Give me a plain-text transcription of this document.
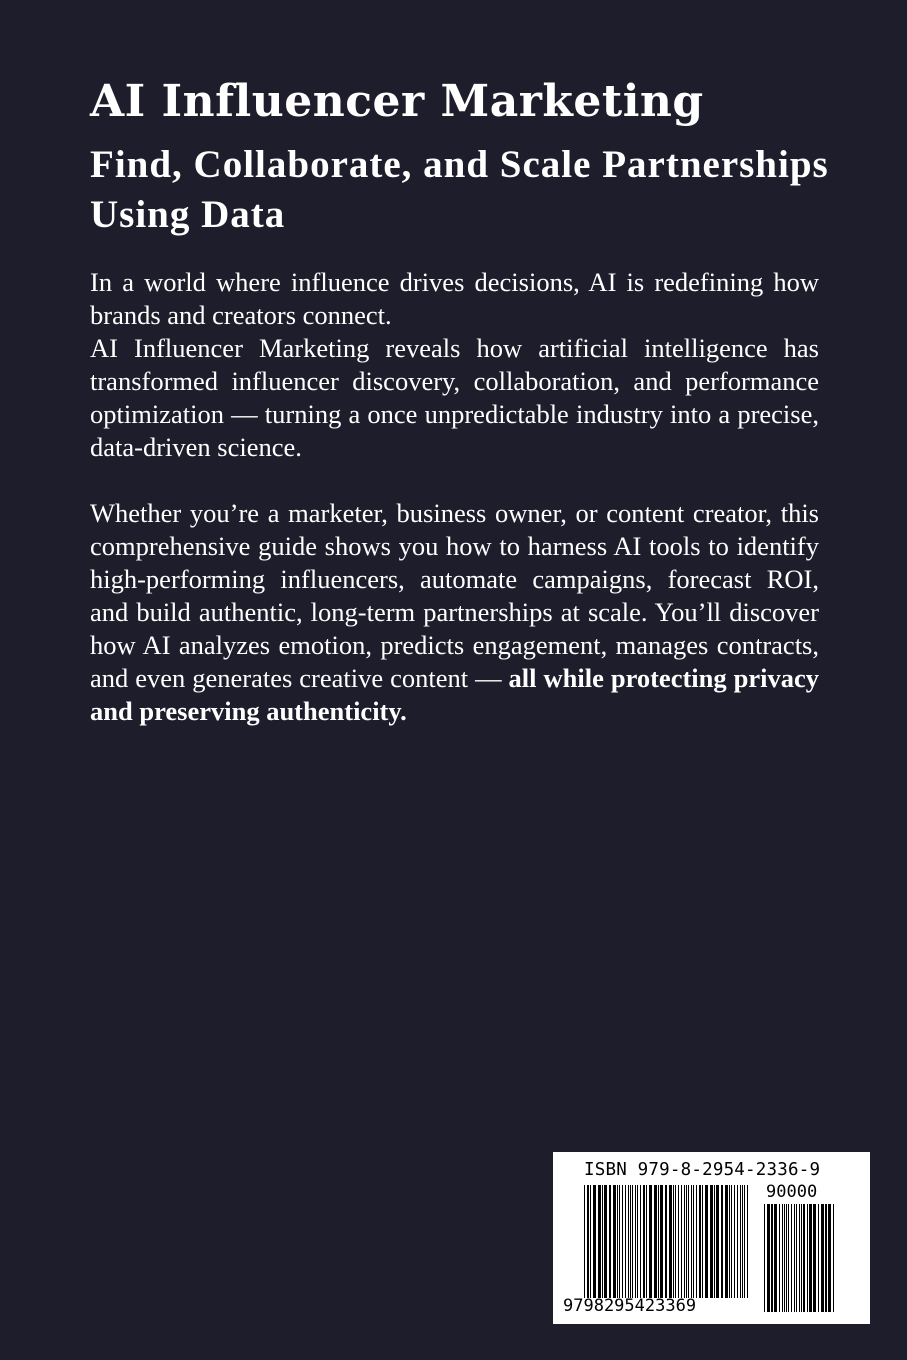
AI Influencer Marketing
Find, Collaborate, and Scale Partnerships Using Data

In a world where influence drives decisions, AI is redefining how brands and creators connect.

AI Influencer Marketing reveals how artificial intelligence has transformed influencer discovery, collaboration, and performance optimization — turning a once unpredictable industry into a precise, data-driven science.

Whether you’re a marketer, business owner, or content creator, this comprehensive guide shows you how to harness AI tools to identify high-performing influencers, automate campaigns, forecast ROI, and build authentic, long-term partnerships at scale. You’ll discover how AI analyzes emotion, predicts engagement, manages contracts, and even generates creative content — all while protecting privacy and preserving authenticity.

ISBN 979-8-2954-2336-9
90000
9798295423369
